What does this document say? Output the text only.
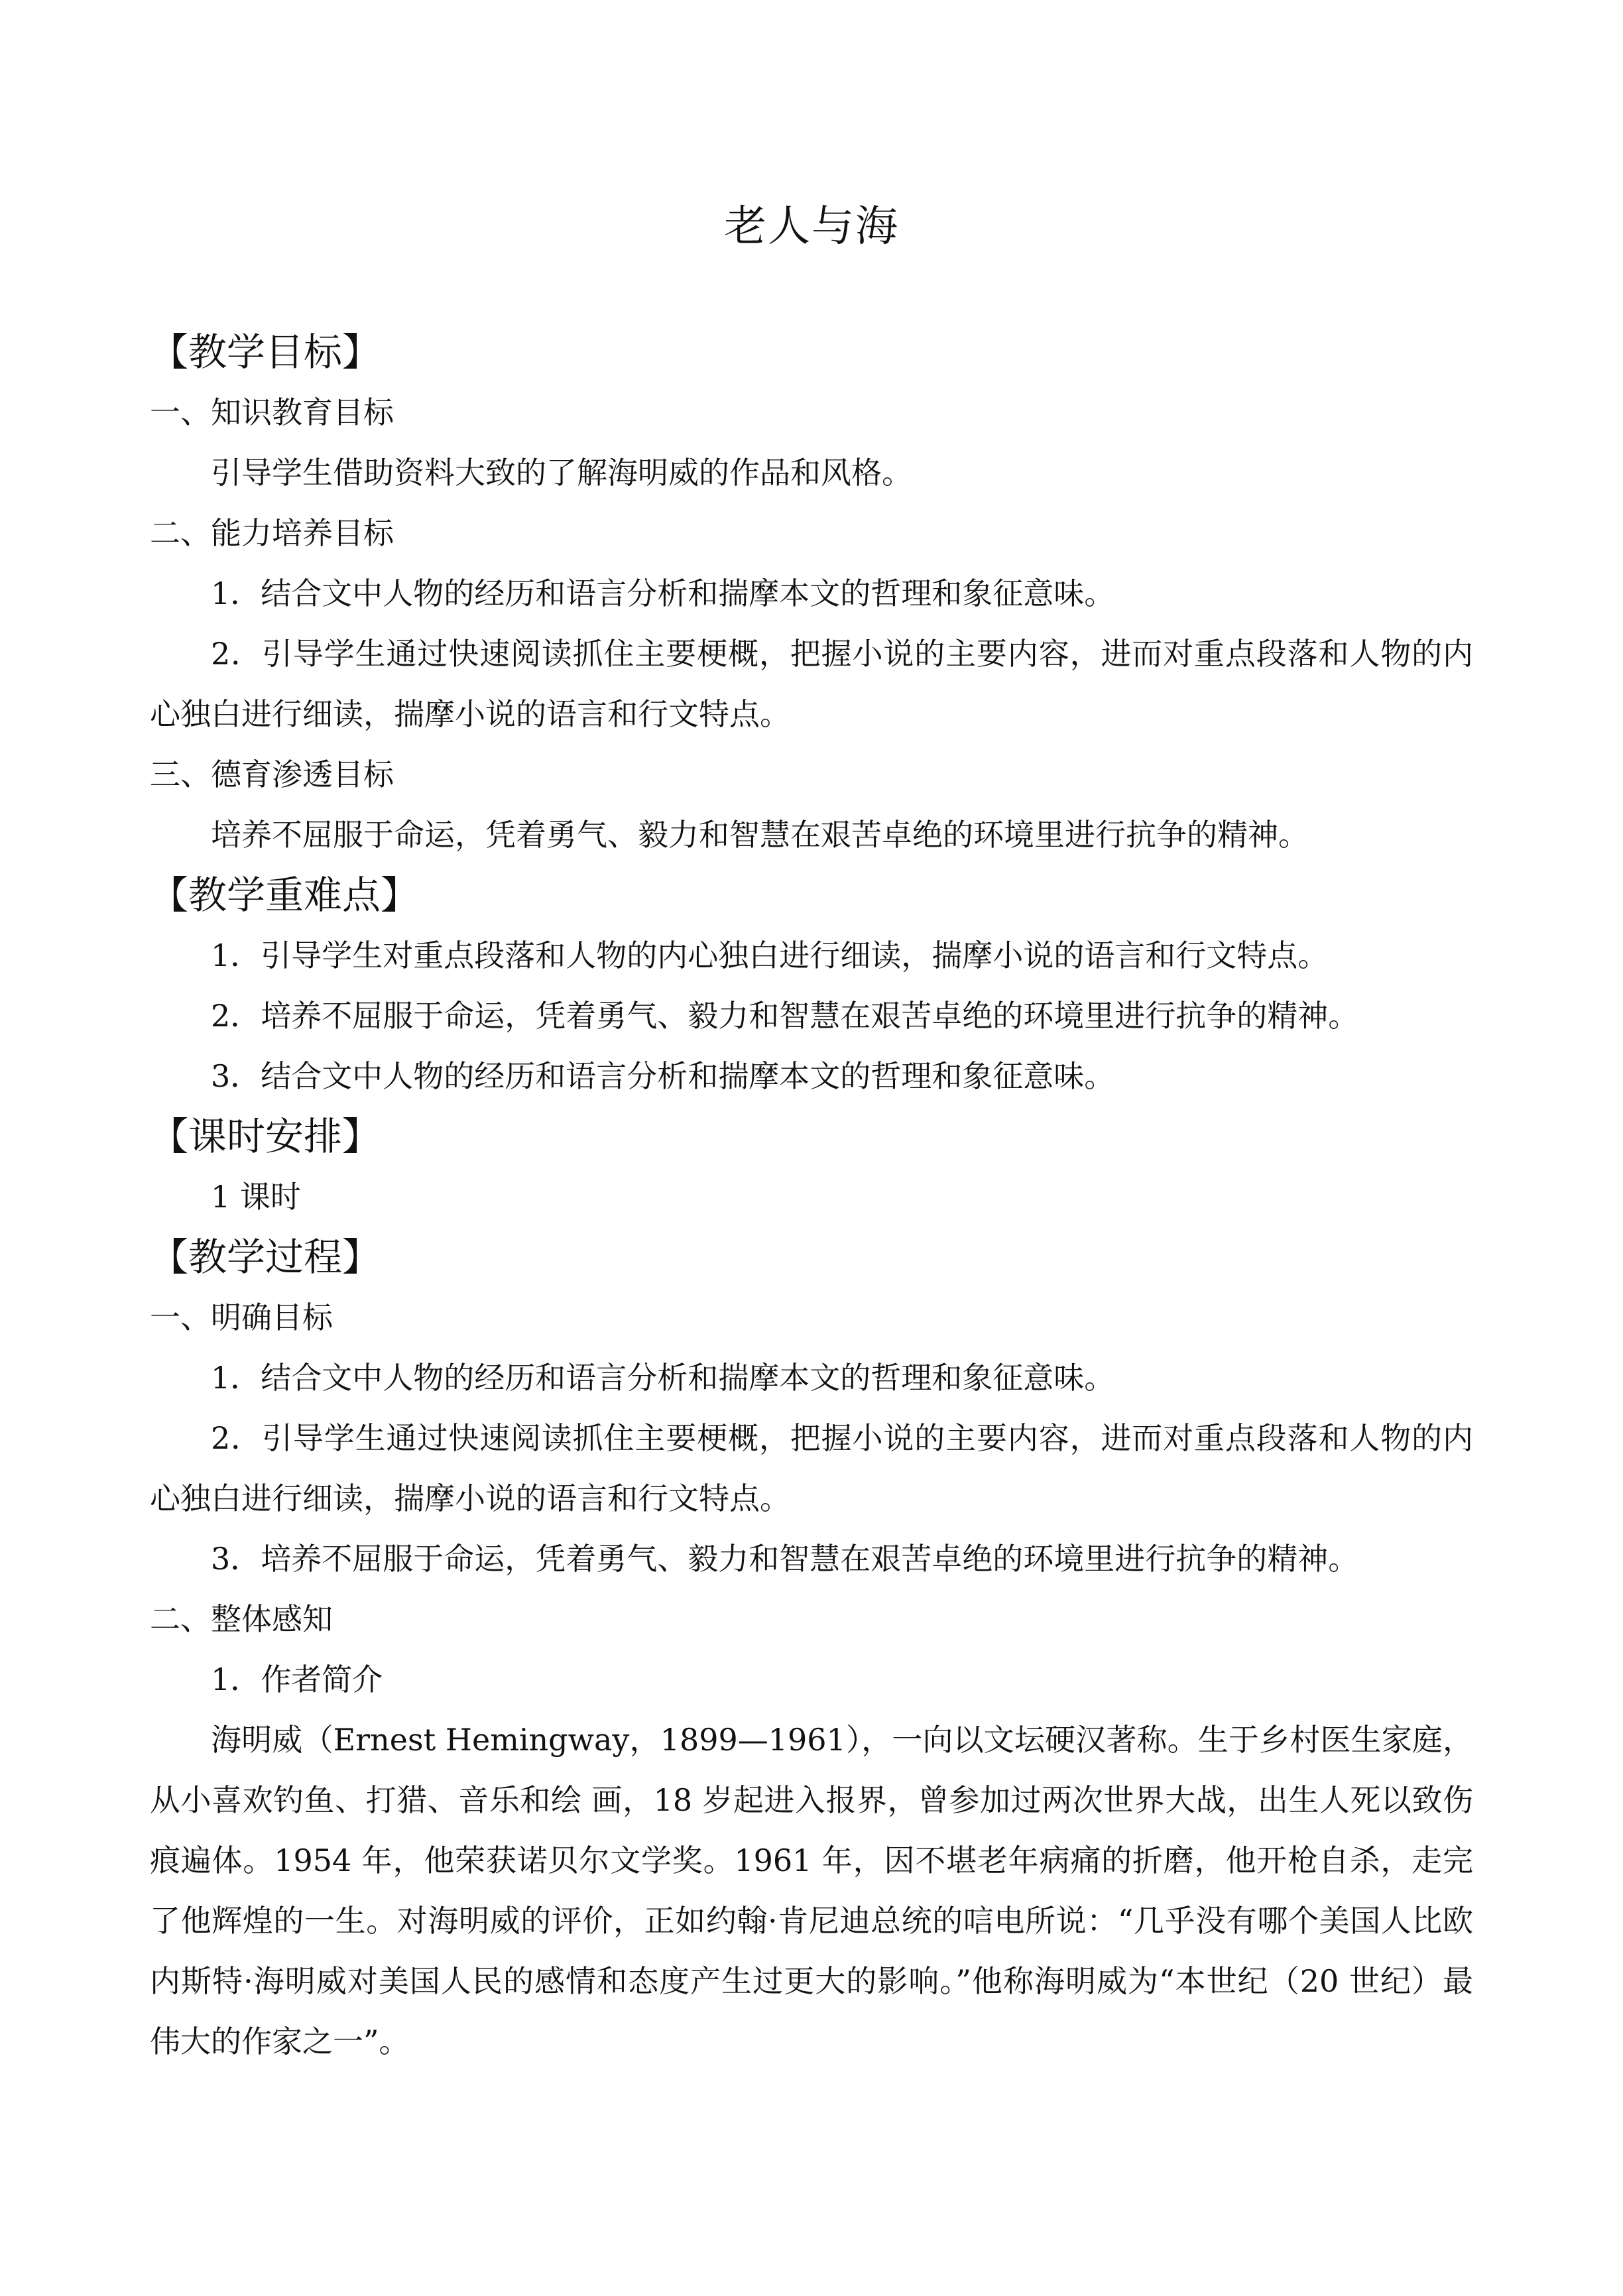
老人与海
【教学目标】
一、知识教育目标
引导学生借助资料大致的了解海明威的作品和风格。
二、能力培养目标
1．结合文中人物的经历和语言分析和揣摩本文的哲理和象征意味。
2．引导学生通过快速阅读抓住主要梗概，把握小说的主要内容，进而对重点段落和人物的内心独白进行细读，揣摩小说的语言和行文特点。
三、德育渗透目标
培养不屈服于命运，凭着勇气、毅力和智慧在艰苦卓绝的环境里进行抗争的精神。
【教学重难点】
1．引导学生对重点段落和人物的内心独白进行细读，揣摩小说的语言和行文特点。
2．培养不屈服于命运，凭着勇气、毅力和智慧在艰苦卓绝的环境里进行抗争的精神。
3．结合文中人物的经历和语言分析和揣摩本文的哲理和象征意味。
【课时安排】
1 课时
【教学过程】
一、明确目标
1．结合文中人物的经历和语言分析和揣摩本文的哲理和象征意味。
2．引导学生通过快速阅读抓住主要梗概，把握小说的主要内容，进而对重点段落和人物的内心独白进行细读，揣摩小说的语言和行文特点。
3．培养不屈服于命运，凭着勇气、毅力和智慧在艰苦卓绝的环境里进行抗争的精神。
二、整体感知
1．作者简介
海明威（Ernest Hemingway，1899—1961），一向以文坛硬汉著称。生于乡村医生家庭，从小喜欢钓鱼、打猎、音乐和绘 画，18 岁起进入报界，曾参加过两次世界大战，出生人死以致伤痕遍体。1954 年，他荣获诺贝尔文学奖。1961 年，因不堪老年病痛的折磨，他开枪自杀，走完了他辉煌的一生。对海明威的评价，正如约翰·肯尼迪总统的唁电所说：“几乎没有哪个美国人比欧内斯特·海明威对美国人民的感情和态度产生过更大的影响。”他称海明威为“本世纪（20 世纪）最伟大的作家之一”。
